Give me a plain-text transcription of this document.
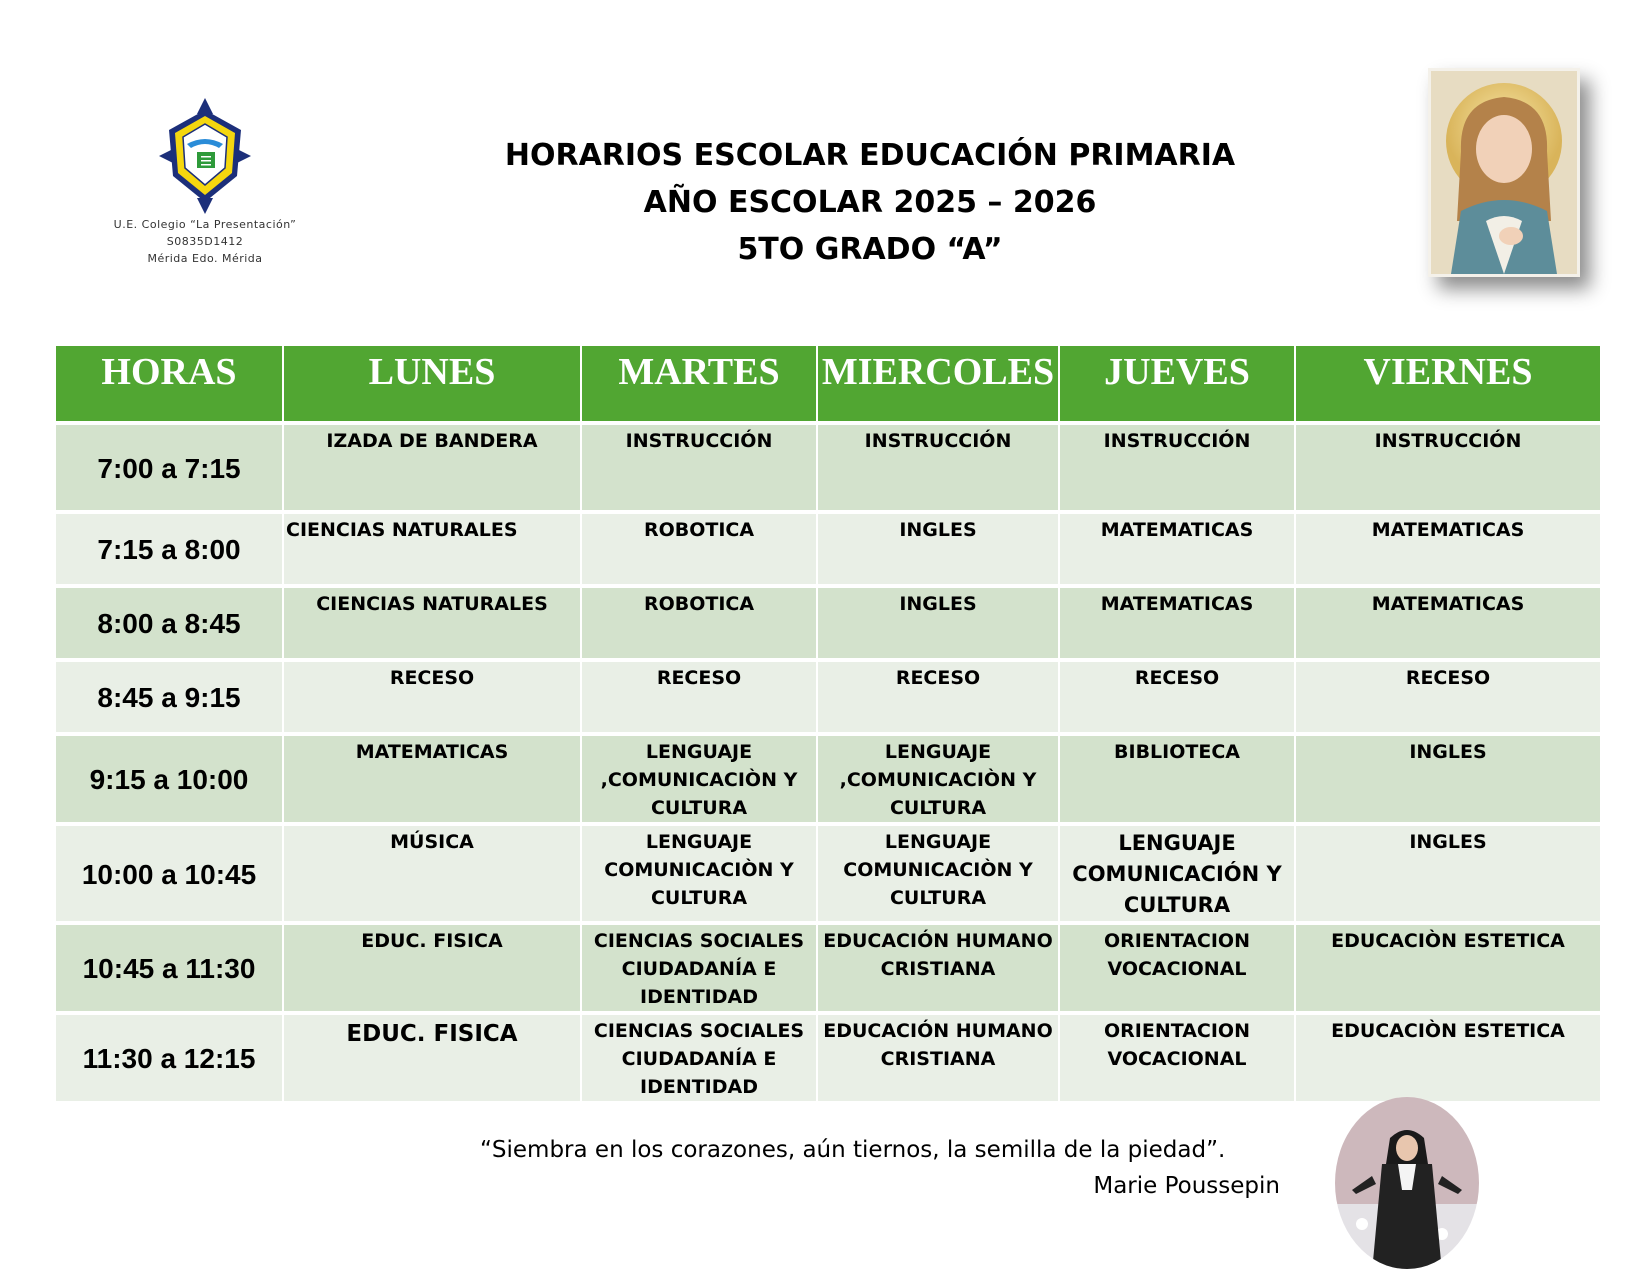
U.E. Colegio “La Presentación”
S0835D1412
Mérida Edo. Mérida
HORARIOS ESCOLAR EDUCACIÓN PRIMARIA
AÑO ESCOLAR 2025 – 2026
5TO GRADO “A”
HORAS	LUNES	MARTES	MIERCOLES	JUEVES	VIERNES
7:00 a 7:15	IZADA DE BANDERA	INSTRUCCIÓN	INSTRUCCIÓN	INSTRUCCIÓN	INSTRUCCIÓN
7:15 a 8:00	CIENCIAS NATURALES	ROBOTICA	INGLES	MATEMATICAS	MATEMATICAS
8:00 a 8:45	CIENCIAS NATURALES	ROBOTICA	INGLES	MATEMATICAS	MATEMATICAS
8:45 a 9:15	RECESO	RECESO	RECESO	RECESO	RECESO
9:15 a 10:00	MATEMATICAS	LENGUAJE ,COMUNICACIÒN Y CULTURA	LENGUAJE ,COMUNICACIÒN Y CULTURA	BIBLIOTECA	INGLES
10:00 a 10:45	MÚSICA	LENGUAJE COMUNICACIÒN Y CULTURA	LENGUAJE COMUNICACIÒN Y CULTURA	LENGUAJE COMUNICACIÓN Y CULTURA	INGLES
10:45 a 11:30	EDUC. FISICA	CIENCIAS SOCIALES CIUDADANÍA E IDENTIDAD	EDUCACIÓN HUMANO CRISTIANA	ORIENTACION VOCACIONAL	EDUCACIÒN ESTETICA
11:30 a 12:15	EDUC. FISICA	CIENCIAS SOCIALES CIUDADANÍA E IDENTIDAD	EDUCACIÓN HUMANO CRISTIANA	ORIENTACION VOCACIONAL	EDUCACIÒN ESTETICA
“Siembra en los corazones, aún tiernos, la semilla de la piedad”.
Marie Poussepin
